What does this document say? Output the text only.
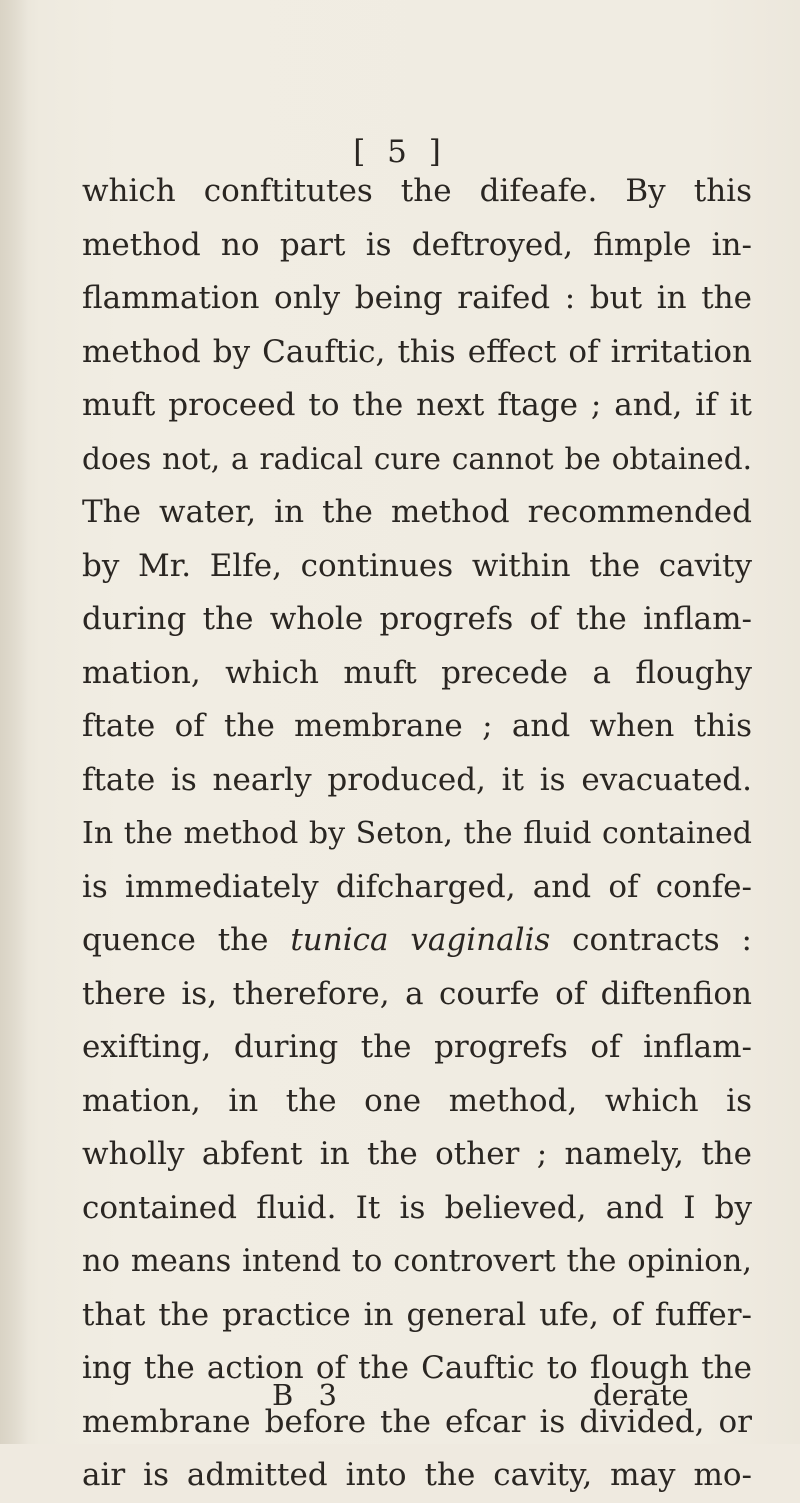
[ 5 ]
which conftitutes the difeafe. By this
method no part is deftroyed, fimple in-
flammation only being raifed : but in the
method by Cauftic, this effect of irritation
muft proceed to the next ftage ; and, if it
does not, a radical cure cannot be obtained.
The water, in the method recommended
by Mr. Elfe, continues within the cavity
during the whole progrefs of the inflam-
mation, which muft precede a floughy
ftate of the membrane ; and when this
ftate is nearly produced, it is evacuated.
In the method by Seton, the fluid contained
is immediately difcharged, and of confe-
quence the tunica vaginalis contracts :
there is, therefore, a courfe of diftenfion
exifting, during the progrefs of inflam-
mation, in the one method, which is
wholly abfent in the other ; namely, the
contained fluid. It is believed, and I by
no means intend to controvert the opinion,
that the practice in general ufe, of fuffer-
ing the action of the Cauftic to flough the
membrane before the efcar is divided, or
air is admitted into the cavity, may mo-
B 3	derate
